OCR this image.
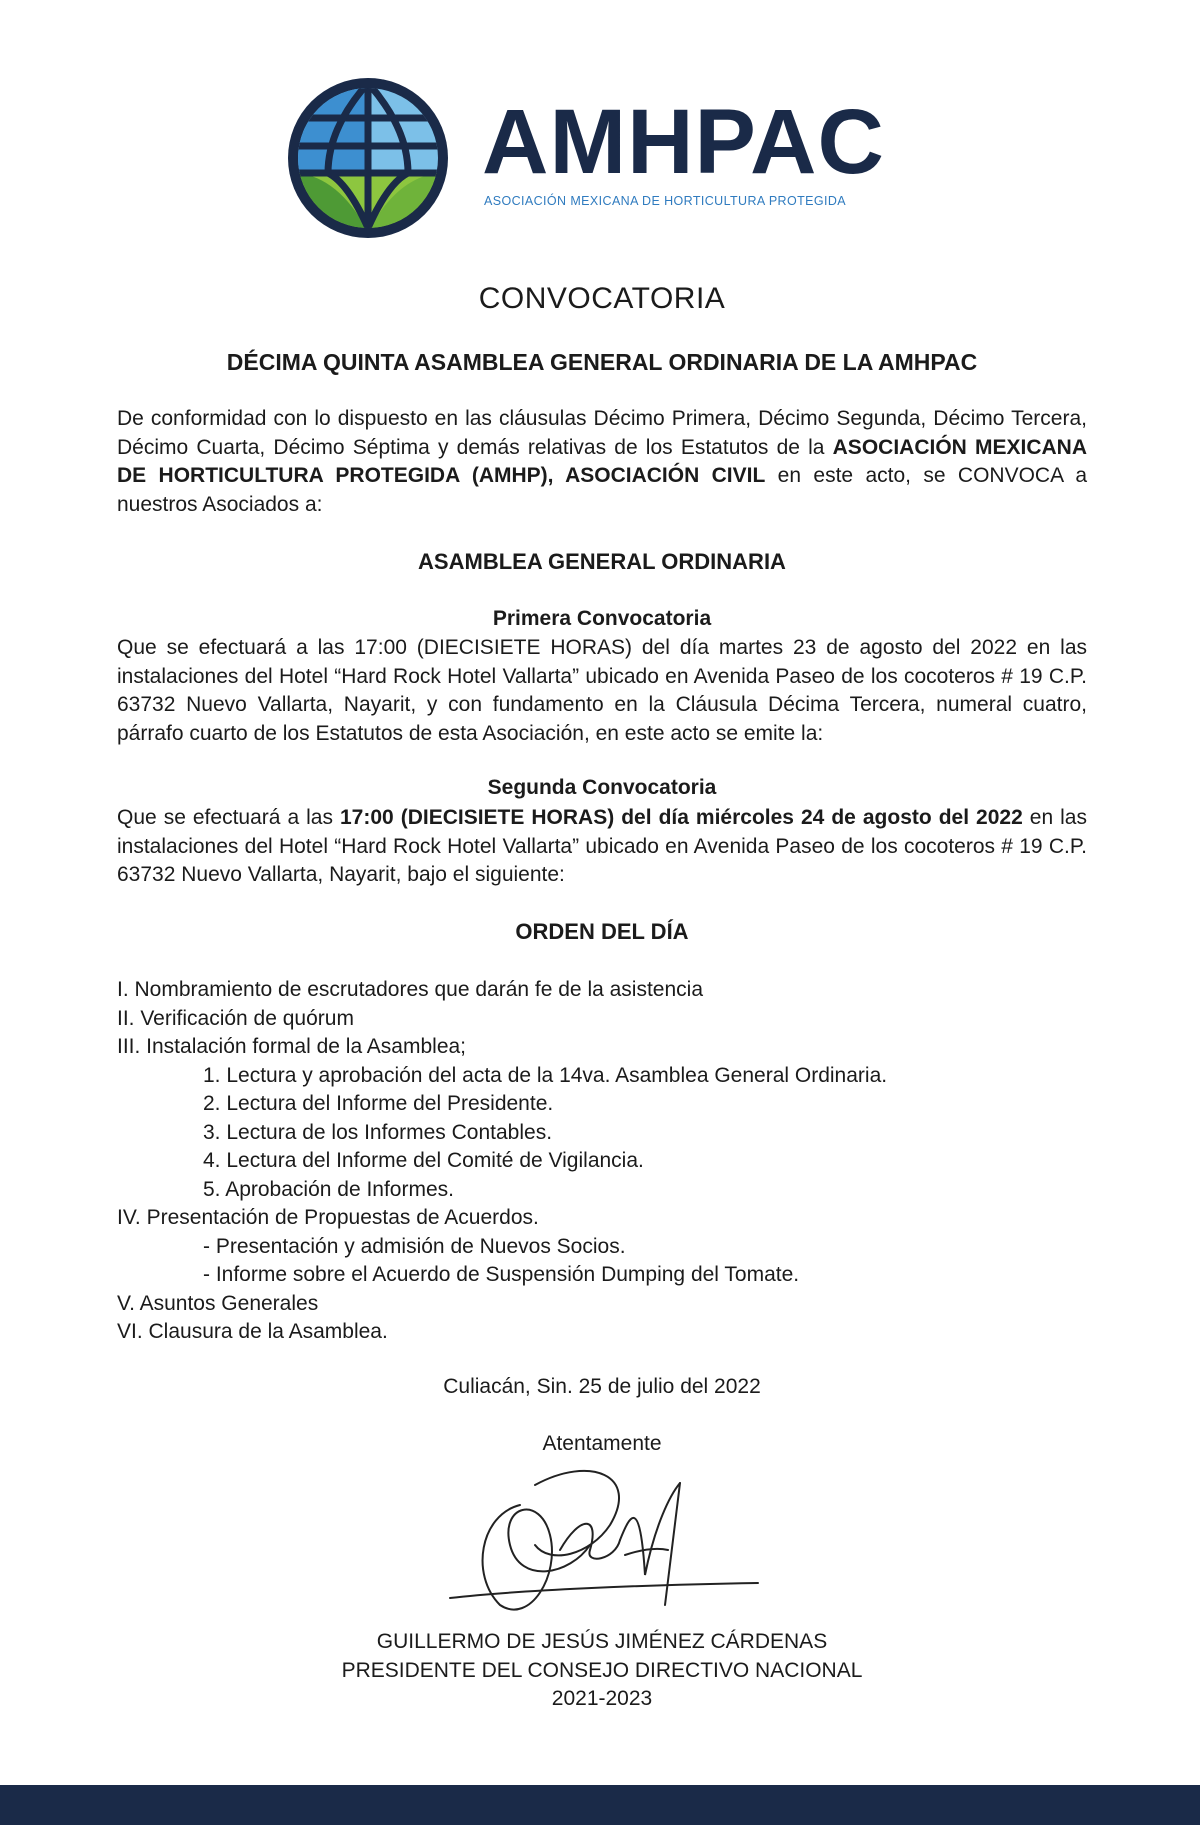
AMHPAC
ASOCIACIÓN MEXICANA DE HORTICULTURA PROTEGIDA
CONVOCATORIA
DÉCIMA QUINTA ASAMBLEA GENERAL ORDINARIA DE LA AMHPAC
De conformidad con lo dispuesto en las cláusulas Décimo Primera, Décimo Segunda, Décimo Tercera, Décimo Cuarta, Décimo Séptima y demás relativas de los Estatutos de la ASOCIACIÓN MEXICANA DE HORTICULTURA PROTEGIDA (AMHP), ASOCIACIÓN CIVIL en este acto, se CONVOCA a nuestros Asociados a:
ASAMBLEA GENERAL ORDINARIA
Primera Convocatoria
Que se efectuará a las 17:00 (DIECISIETE HORAS) del día martes 23 de agosto del 2022 en las instalaciones del Hotel “Hard Rock Hotel Vallarta” ubicado en Avenida Paseo de los cocoteros # 19 C.P. 63732 Nuevo Vallarta, Nayarit, y con fundamento en la Cláusula Décima Tercera, numeral cuatro, párrafo cuarto de los Estatutos de esta Asociación, en este acto se emite la:
Segunda Convocatoria
Que se efectuará a las 17:00 (DIECISIETE HORAS) del día miércoles 24 de agosto del 2022 en las instalaciones del Hotel “Hard Rock Hotel Vallarta” ubicado en Avenida Paseo de los cocoteros # 19 C.P. 63732 Nuevo Vallarta, Nayarit, bajo el siguiente:
ORDEN DEL DÍA
I. Nombramiento de escrutadores que darán fe de la asistencia
II. Verificación de quórum
III. Instalación formal de la Asamblea;
1. Lectura y aprobación del acta de la 14va. Asamblea General Ordinaria.
2. Lectura del Informe del Presidente.
3. Lectura de los Informes Contables.
4. Lectura del Informe del Comité de Vigilancia.
5. Aprobación de Informes.
IV. Presentación de Propuestas de Acuerdos.
- Presentación y admisión de Nuevos Socios.
- Informe sobre el Acuerdo de Suspensión Dumping del Tomate.
V. Asuntos Generales
VI. Clausura de la Asamblea.
Culiacán, Sin. 25 de julio del 2022
Atentamente
GUILLERMO DE JESÚS JIMÉNEZ CÁRDENAS
PRESIDENTE DEL CONSEJO DIRECTIVO NACIONAL
2021-2023
